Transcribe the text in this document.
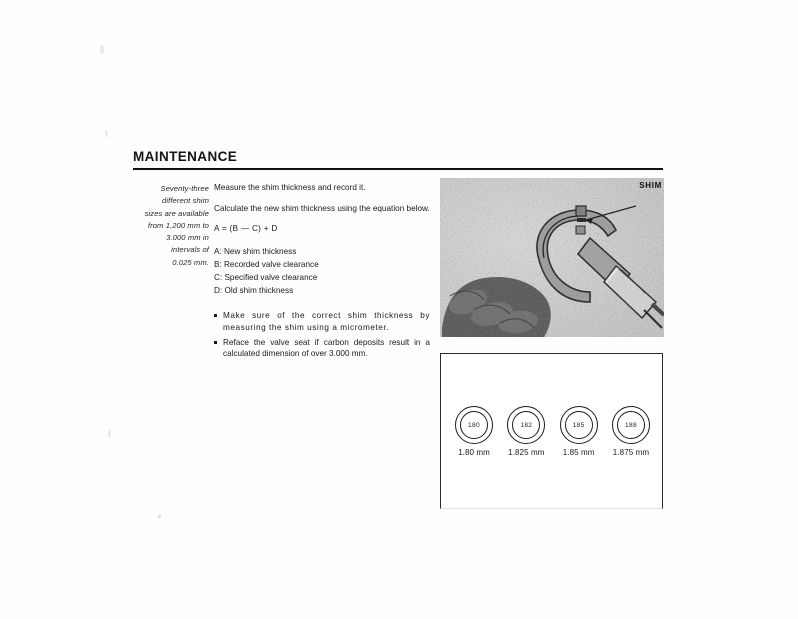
MAINTENANCE
Seventy-three
different shim
sizes are available
from 1,200 mm to
3.000 mm in
intervals of
0.025 mm.
Measure the shim thickness and record it.
Calculate the new shim thickness using the equation below.
A = (B — C) + D
A: New shim thickness
B: Recorded valve clearance
C: Specified valve clearance
D: Old shim thickness
Make sure of the correct shim thickness by measuring the shim using a micrometer.
Reface the valve seat if carbon deposits result in a calculated dimension of over 3.000 mm.
SHIM
180
1.80 mm
182
1.825 mm
185
1.85 mm
188
1.875 mm
